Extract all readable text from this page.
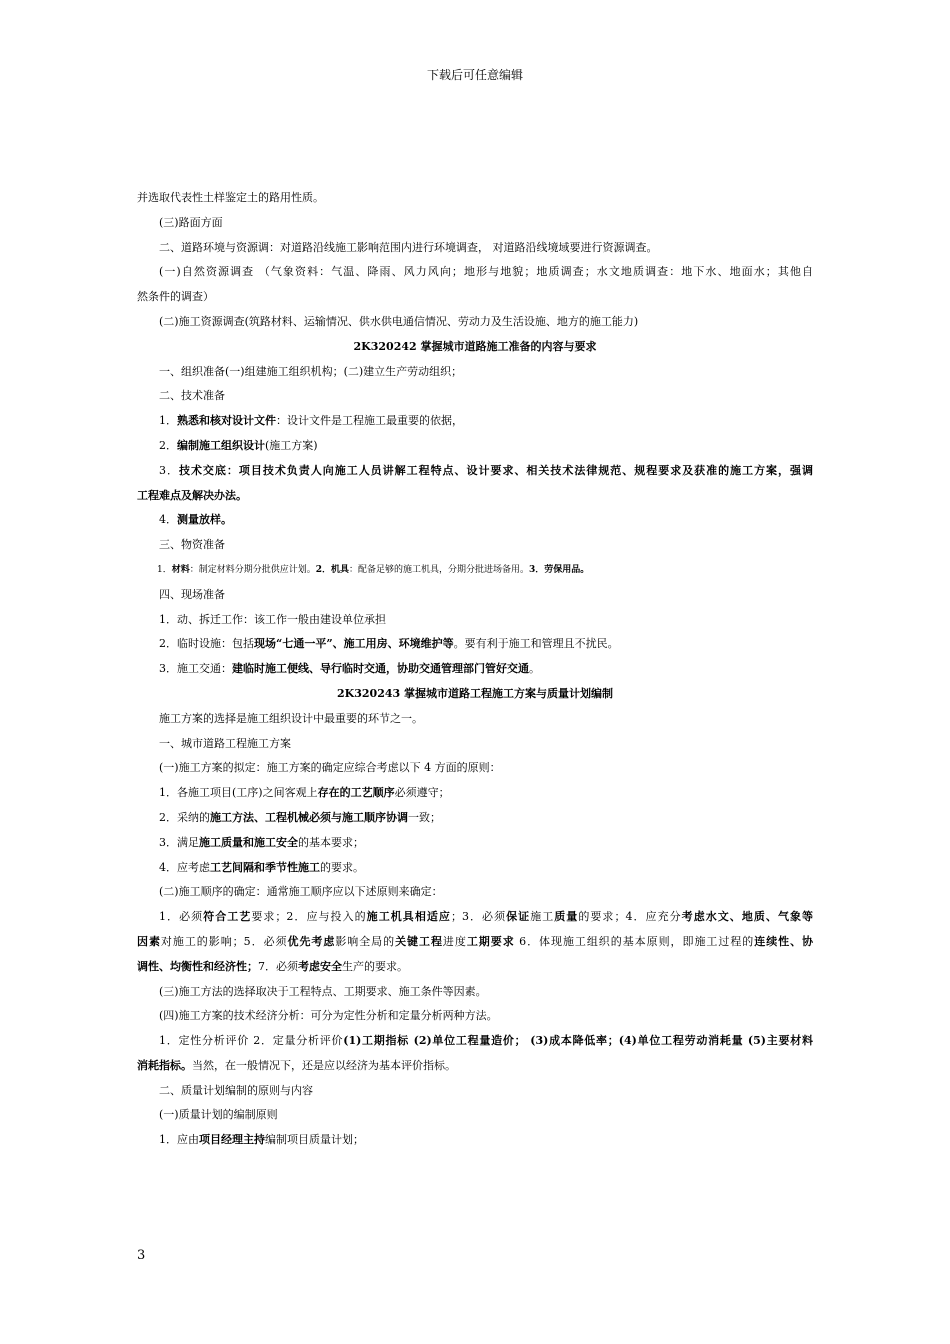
下载后可任意编辑
并选取代表性土样鉴定土的路用性质。
(三)路面方面
二、道路环境与资源调：对道路沿线施工影响范围内进行环境调查， 对道路沿线境域要进行资源调查。
(一)自然资源调查 （气象资料：气温、降雨、风力风向；地形与地貌；地质调查；水文地质调查：地下水、地面水；其他自
然条件的调查）
(二)施工资源调查(筑路材料、运输情况、供水供电通信情况、劳动力及生活设施、地方的施工能力)
2K320242 掌握城市道路施工准备的内容与要求
一、组织准备(一)组建施工组织机构；(二)建立生产劳动组织；
二、技术准备
1．熟悉和核对设计文件：设计文件是工程施工最重要的依据，
2．编制施工组织设计(施工方案)
3．技术交底：项目技术负责人向施工人员讲解工程特点、设计要求、相关技术法律规范、规程要求及获准的施工方案，强调
工程难点及解决办法。
4．测量放样。
三、物资准备
1．材料：制定材料分期分批供应计划。2．机具：配备足够的施工机具，分期分批进场备用。3．劳保用品。
四、现场准备
1．动、拆迁工作：该工作一般由建设单位承担
2．临时设施：包括现场“七通一平”、施工用房、环境维护等。要有利于施工和管理且不扰民。
3．施工交通：建临时施工便线、导行临时交通，协助交通管理部门管好交通。
2K320243 掌握城市道路工程施工方案与质量计划编制
施工方案的选择是施工组织设计中最重要的环节之一。
一、城市道路工程施工方案
(一)施工方案的拟定：施工方案的确定应综合考虑以下 4 方面的原则：
1．各施工项目(工序)之间客观上存在的工艺顺序必须遵守；
2．采纳的施工方法、工程机械必须与施工顺序协调一致；
3．满足施工质量和施工安全的基本要求；
4．应考虑工艺间隔和季节性施工的要求。
(二)施工顺序的确定：通常施工顺序应以下述原则来确定：
1．必须符合工艺要求；2．应与投入的施工机具相适应；3．必须保证施工质量的要求；4．应充分考虑水文、地质、气象等
因素对施工的影响；5．必须优先考虑影响全局的关键工程进度工期要求 6．体现施工组织的基本原则，即施工过程的连续性、协
调性、均衡性和经济性；7．必须考虑安全生产的要求。
(三)施工方法的选择取决于工程特点、工期要求、施工条件等因素。
(四)施工方案的技术经济分析：可分为定性分析和定量分析两种方法。
1．定性分析评价 2．定量分析评价(1)工期指标 (2)单位工程量造价； (3)成本降低率；(4)单位工程劳动消耗量 (5)主要材料
消耗指标。当然，在一般情况下，还是应以经济为基本评价指标。
二、质量计划编制的原则与内容
(一)质量计划的编制原则
1．应由项目经理主持编制项目质量计划；
3
